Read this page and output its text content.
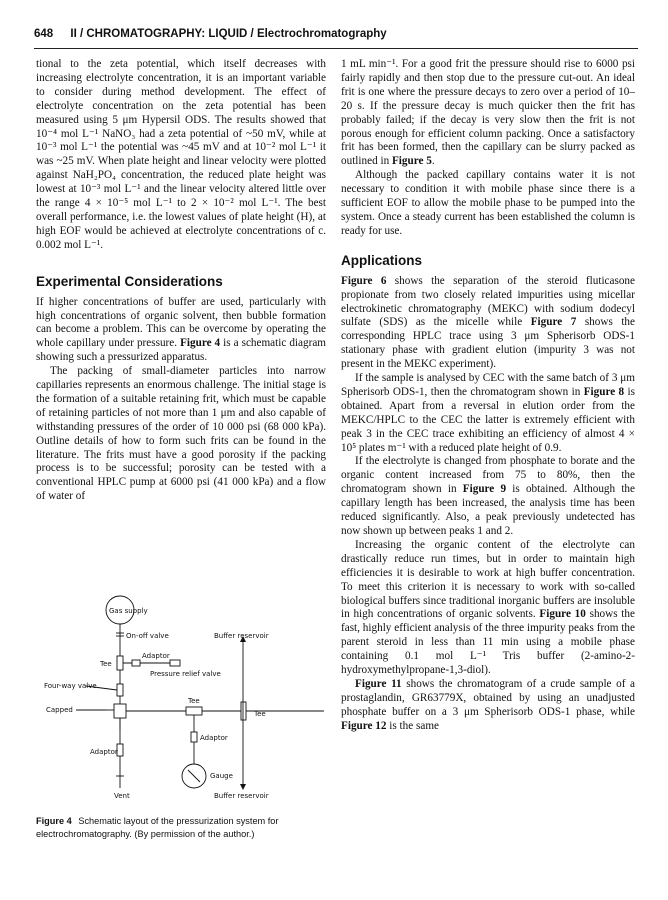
648 II / CHROMATOGRAPHY: LIQUID / Electrochromatography

tional to the zeta potential, which itself decreases with increasing electrolyte concentration, it is an important variable to consider during method development. The effect of electrolyte concentration on the zeta potential has been measured using 5 μm Hypersil ODS. The results showed that 10⁻⁴ mol L⁻¹ NaNO₃ had a zeta potential of ~50 mV, while at 10⁻³ mol L⁻¹ the potential was ~45 mV and at 10⁻² mol L⁻¹ it was ~25 mV. When plate height and linear velocity were plotted against NaH₂PO₄ concentration, the reduced plate height was lowest at 10⁻³ mol L⁻¹ and the linear velocity altered little over the range 4 × 10⁻⁵ mol L⁻¹ to 2 × 10⁻² mol L⁻¹. The best overall performance, i.e. the lowest values of plate height (H), at high EOF would be achieved at electrolyte concentrations of c. 0.002 mol L⁻¹.

Experimental Considerations

If higher concentrations of buffer are used, particularly with high concentrations of organic solvent, then bubble formation can become a problem. This can be overcome by operating the whole capillary under pressure. Figure 4 is a schematic diagram showing such a pressurized apparatus.

The packing of small-diameter particles into narrow capillaries represents an enormous challenge. The initial stage is the formation of a suitable retaining frit, which must be capable of retaining particles of not more than 1 μm and also capable of withstanding pressures of the order of 10 000 psi (68 000 kPa). Outline details of how to form such frits can be found in the literature. The frits must have a good porosity if the packing process is to be successful; porosity can be tested with a conventional HPLC pump at 6000 psi (41 000 kPa) and a flow of water of

Gas supply
On-off valve
Tee
Adaptor
Pressure relief valve
Four-way valve
Capped
Tee
Tee
Buffer reservoir
Buffer reservoir
Adaptor
Gauge
Adaptor
Vent
Figure 4 Schematic layout of the pressurization system for electrochromatography. (By permission of the author.)

1 mL min⁻¹. For a good frit the pressure should rise to 6000 psi fairly rapidly and then stop due to the pressure cut-out. An ideal frit is one where the pressure decays to zero over a period of 10–20 s. If the pressure decay is much quicker then the frit has probably failed; if the decay is very slow then the frit is not porous enough for efficient column packing. Once a satisfactory frit has been formed, then the capillary can be slurry packed as outlined in Figure 5.

Although the packed capillary contains water it is not necessary to condition it with mobile phase since there is a sufficient EOF to allow the mobile phase to be pumped into the system. Once a steady current has been established the column is ready for use.

Applications

Figure 6 shows the separation of the steroid fluticasone propionate from two closely related impurities using micellar electrokinetic chromatography (MEKC) with sodium dodecyl sulfate (SDS) as the micelle while Figure 7 shows the corresponding HPLC trace using 3 μm Spherisorb ODS-1 stationary phase with gradient elution (impurity 3 was not present in the MEKC experiment).

If the sample is analysed by CEC with the same batch of 3 μm Spherisorb ODS-1, then the chromatogram shown in Figure 8 is obtained. Apart from a reversal in elution order from the MEKC/HPLC to the CEC the latter is extremely efficient with peak 3 in the CEC trace exhibiting an efficiency of almost 4 × 10⁵ plates m⁻¹ with a reduced plate height of 0.9.

If the electrolyte is changed from phosphate to borate and the organic content increased from 75 to 80%, then the chromatogram shown in Figure 9 is obtained. Although the capillary length has been increased, the analysis time has been reduced significantly. Also, a peak previously undetected has now shown up between peaks 1 and 2.

Increasing the organic content of the electrolyte can drastically reduce run times, but in order to maintain high efficiencies it is desirable to work at high buffer concentration. To meet this criterion it is necessary to work with so-called biological buffers since traditional inorganic buffers are insoluble in high concentrations of organic solvents. Figure 10 shows the fast, highly efficient analysis of the three impurity peaks from the parent steroid in less than 11 min using a mobile phase containing 0.1 mol L⁻¹ Tris buffer (2-amino-2-hydroxymethylpropane-1,3-diol).

Figure 11 shows the chromatogram of a crude sample of a prostaglandin, GR63779X, obtained by using an unadjusted phosphate buffer on a 3 μm Spherisorb ODS-1 phase, while Figure 12 is the same
